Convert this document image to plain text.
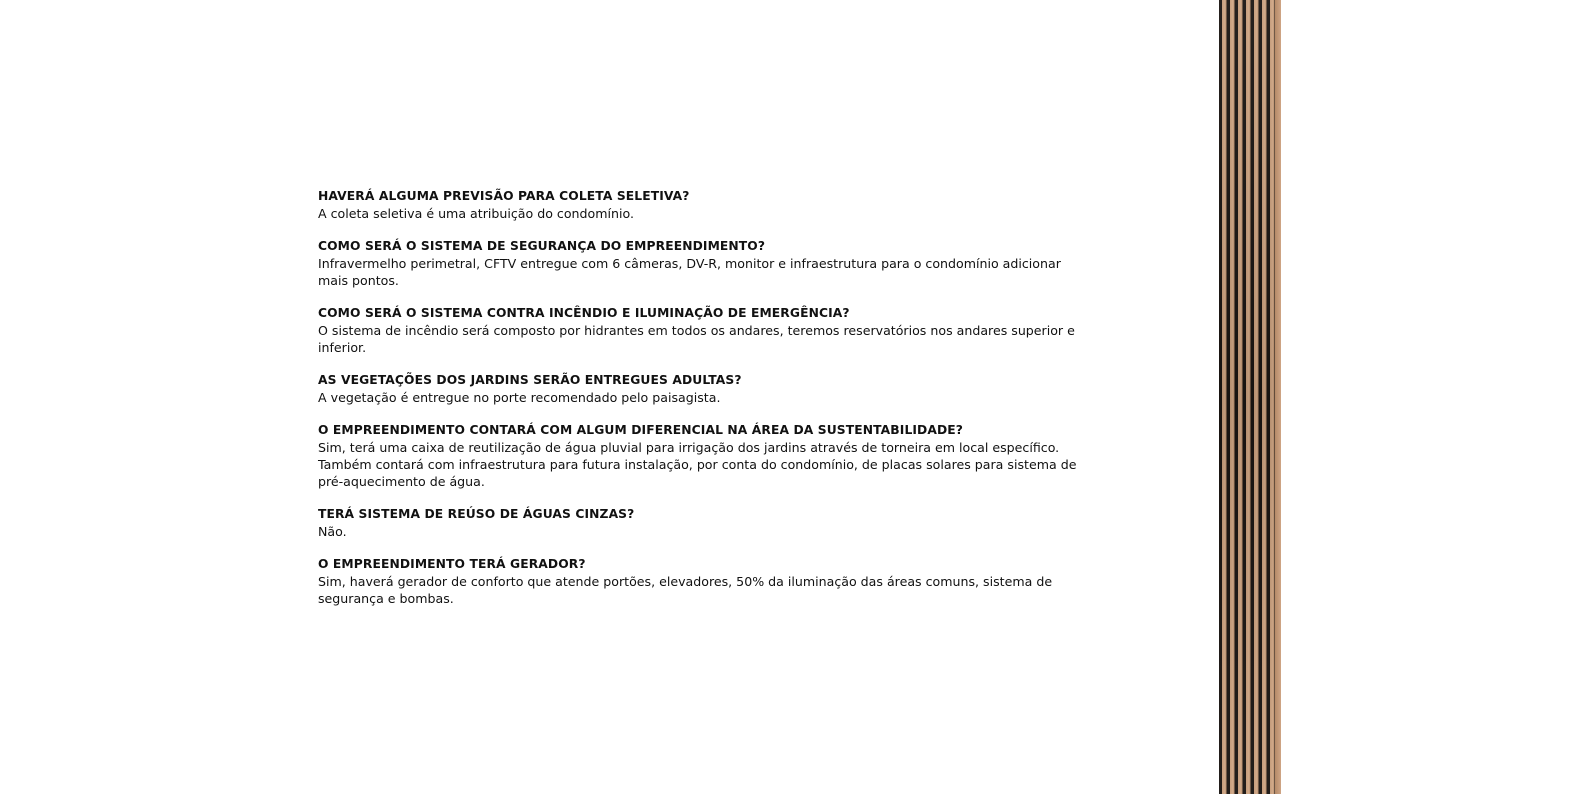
HAVERÁ ALGUMA PREVISÃO PARA COLETA SELETIVA?

A coleta seletiva é uma atribuição do condomínio.

COMO SERÁ O SISTEMA DE SEGURANÇA DO EMPREENDIMENTO?

Infravermelho perimetral, CFTV entregue com 6 câmeras, DV-R, monitor e infraestrutura para o condomínio adicionar mais pontos.

COMO SERÁ O SISTEMA CONTRA INCÊNDIO E ILUMINAÇÃO DE EMERGÊNCIA?

O sistema de incêndio será composto por hidrantes em todos os andares, teremos reservatórios nos andares superior e inferior.

AS VEGETAÇÕES DOS JARDINS SERÃO ENTREGUES ADULTAS?

A vegetação é entregue no porte recomendado pelo paisagista.

O EMPREENDIMENTO CONTARÁ COM ALGUM DIFERENCIAL NA ÁREA DA SUSTENTABILIDADE?

Sim, terá uma caixa de reutilização de água pluvial para irrigação dos jardins através de torneira em local específico. Também contará com infraestrutura para futura instalação, por conta do condomínio, de placas solares para sistema de pré-aquecimento de água.

TERÁ SISTEMA DE REÚSO DE ÁGUAS CINZAS?

Não.

O EMPREENDIMENTO TERÁ GERADOR?

Sim, haverá gerador de conforto que atende portões, elevadores, 50% da iluminação das áreas comuns, sistema de segurança e bombas.
